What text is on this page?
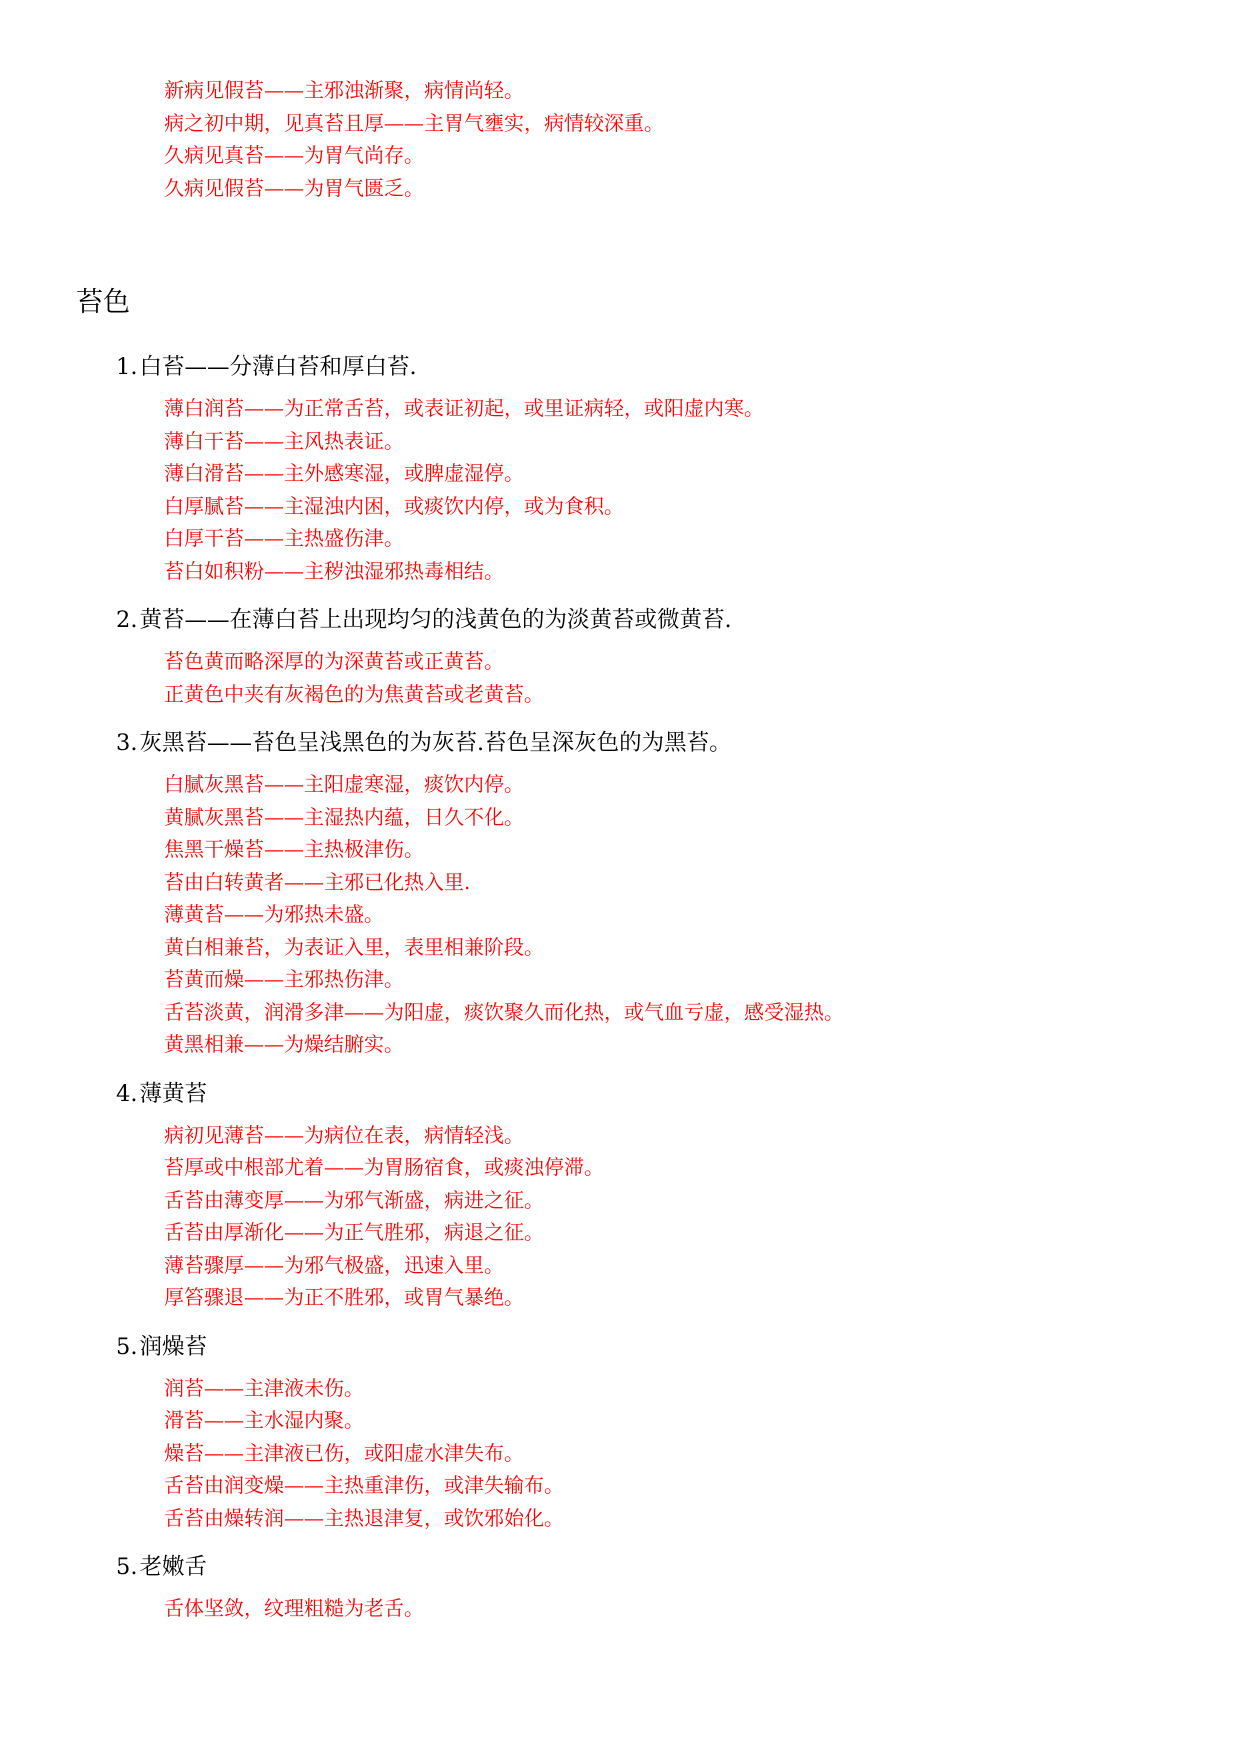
新病见假苔——主邪浊渐聚，病情尚轻。
病之初中期，见真苔且厚——主胃气壅实，病情较深重。
久病见真苔——为胃气尚存。
久病见假苔——为胃气匮乏。
苔色
1.白苔——分薄白苔和厚白苔.
薄白润苔——为正常舌苔，或表证初起，或里证病轻，或阳虚内寒。
薄白干苔——主风热表证。
薄白滑苔——主外感寒湿，或脾虚湿停。
白厚腻苔——主湿浊内困，或痰饮内停，或为食积。
白厚干苔——主热盛伤津。
苔白如积粉——主秽浊湿邪热毒相结。
2.黄苔——在薄白苔上出现均匀的浅黄色的为淡黄苔或微黄苔.
苔色黄而略深厚的为深黄苔或正黄苔。
正黄色中夹有灰褐色的为焦黄苔或老黄苔。
3.灰黑苔——苔色呈浅黑色的为灰苔.苔色呈深灰色的为黑苔。
白腻灰黑苔——主阳虚寒湿，痰饮内停。
黄腻灰黑苔——主湿热内蕴，日久不化。
焦黑干燥苔——主热极津伤。
苔由白转黄者——主邪已化热入里.
薄黄苔——为邪热未盛。
黄白相兼苔，为表证入里，表里相兼阶段。
苔黄而燥——主邪热伤津。
舌苔淡黄，润滑多津——为阳虚，痰饮聚久而化热，或气血亏虚，感受湿热。
黄黑相兼——为燥结腑实。
4.薄黄苔
病初见薄苔——为病位在表，病情轻浅。
苔厚或中根部尤着——为胃肠宿食，或痰浊停滞。
舌苔由薄变厚——为邪气渐盛，病进之征。
舌苔由厚渐化——为正气胜邪，病退之征。
薄苔骤厚——为邪气极盛，迅速入里。
厚笞骤退——为正不胜邪，或胃气暴绝。
5.润燥苔
润苔——主津液未伤。
滑苔——主水湿内聚。
燥苔——主津液已伤，或阳虚水津失布。
舌苔由润变燥——主热重津伤，或津失输布。
舌苔由燥转润——主热退津复，或饮邪始化。
5.老嫩舌
舌体坚敛，纹理粗糙为老舌。
